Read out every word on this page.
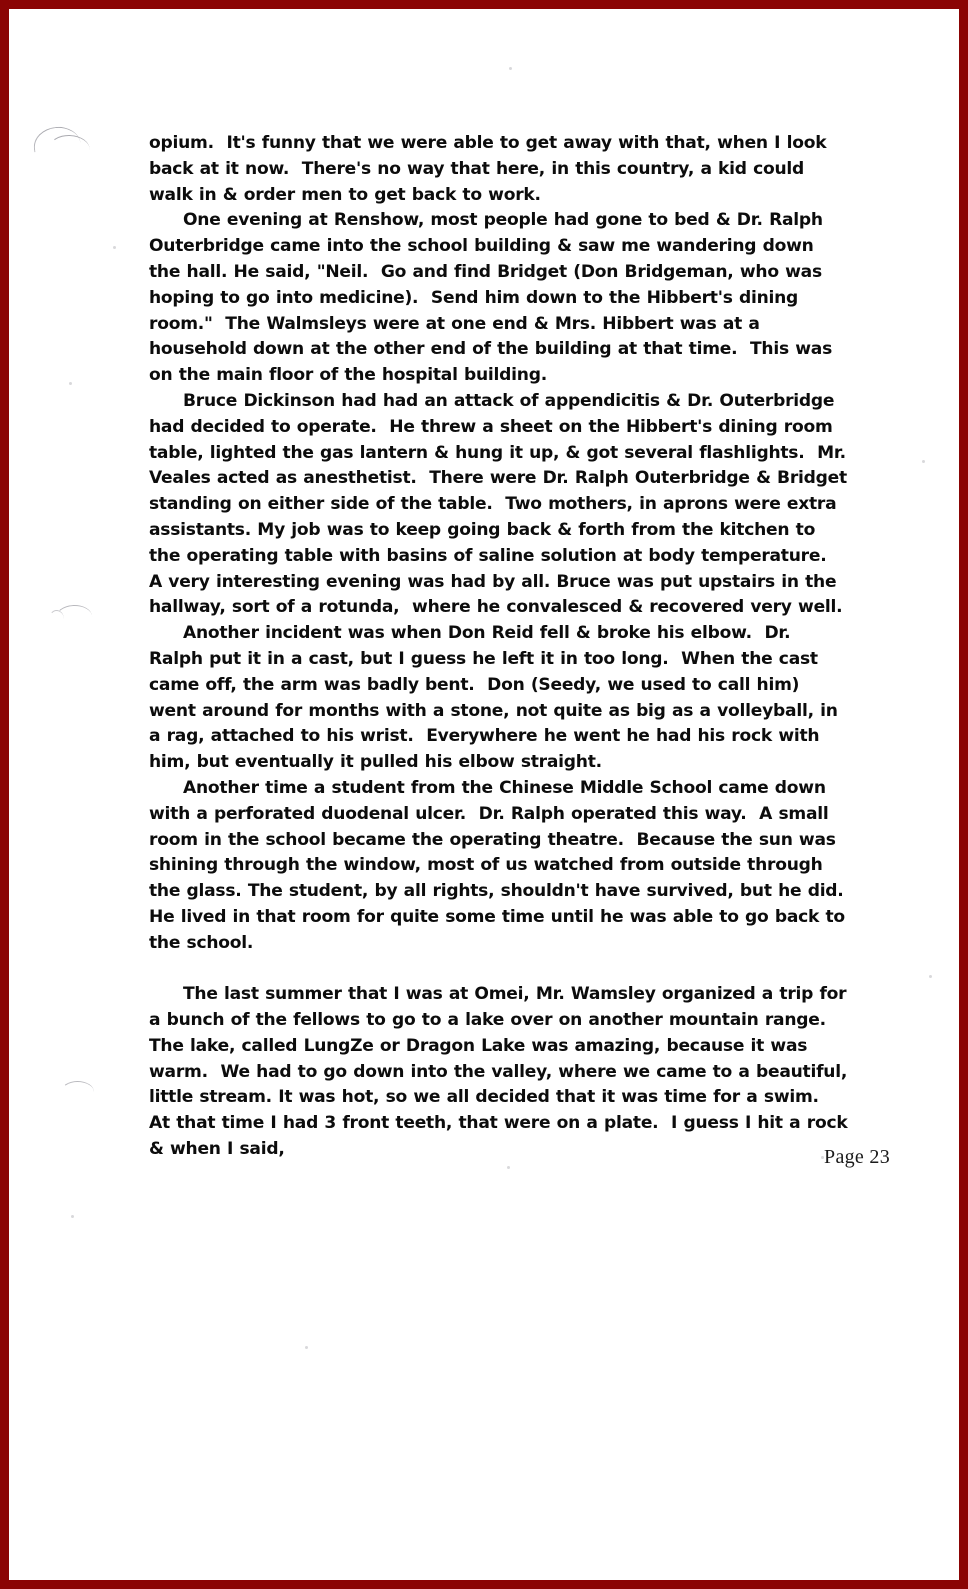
opium.  It's funny that we were able to get away with that, when I look back at it now.  There's no way that here, in this country, a kid could walk in & order men to get back to work.

One evening at Renshow, most people had gone to bed & Dr. Ralph Outerbridge came into the school building & saw me wandering down the hall. He said, "Neil.  Go and find Bridget (Don Bridgeman, who was hoping to go into medicine).  Send him down to the Hibbert's dining room."  The Walmsleys were at one end & Mrs. Hibbert was at a household down at the other end of the building at that time.  This was on the main floor of the hospital building.

Bruce Dickinson had had an attack of appendicitis & Dr. Outerbridge had decided to operate.  He threw a sheet on the Hibbert's dining room table, lighted the gas lantern & hung it up, & got several flashlights.  Mr. Veales acted as anesthetist.  There were Dr. Ralph Outerbridge & Bridget standing on either side of the table.  Two mothers, in aprons were extra assistants. My job was to keep going back & forth from the kitchen to the operating table with basins of saline solution at body temperature.  A very interesting evening was had by all. Bruce was put upstairs in the hallway, sort of a rotunda,  where he convalesced & recovered very well.

Another incident was when Don Reid fell & broke his elbow.  Dr. Ralph put it in a cast, but I guess he left it in too long.  When the cast came off, the arm was badly bent.  Don (Seedy, we used to call him) went around for months with a stone, not quite as big as a volleyball, in a rag, attached to his wrist.  Everywhere he went he had his rock with him, but eventually it pulled his elbow straight.

Another time a student from the Chinese Middle School came down with a perforated duodenal ulcer.  Dr. Ralph operated this way.  A small room in the school became the operating theatre.  Because the sun was shining through the window, most of us watched from outside through the glass. The student, by all rights, shouldn't have survived, but he did.  He lived in that room for quite some time until he was able to go back to the school.

The last summer that I was at Omei, Mr. Wamsley organized a trip for a bunch of the fellows to go to a lake over on another mountain range.  The lake, called LungZe or Dragon Lake was amazing, because it was warm.  We had to go down into the valley, where we came to a beautiful, little stream. It was hot, so we all decided that it was time for a swim.  At that time I had 3 front teeth, that were on a plate.  I guess I hit a rock & when I said,	Page 23
